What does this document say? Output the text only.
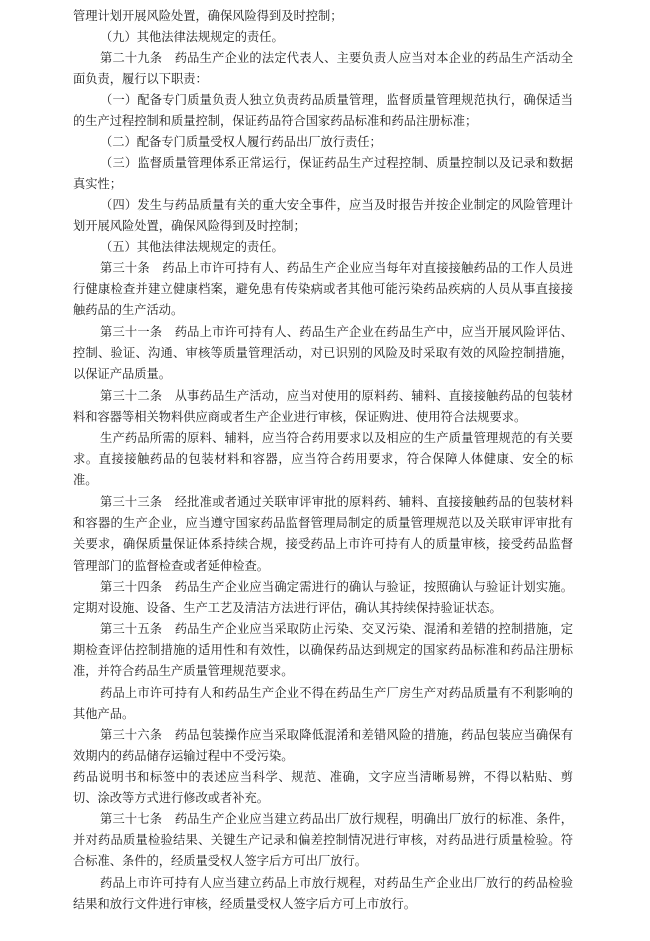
管理计划开展风险处置，确保风险得到及时控制；
（九）其他法律法规规定的责任。
第二十九条　药品生产企业的法定代表人、主要负责人应当对本企业的药品生产活动全面负责，履行以下职责：
（一）配备专门质量负责人独立负责药品质量管理，监督质量管理规范执行，确保适当的生产过程控制和质量控制，保证药品符合国家药品标准和药品注册标准；
（二）配备专门质量受权人履行药品出厂放行责任；
（三）监督质量管理体系正常运行，保证药品生产过程控制、质量控制以及记录和数据真实性；
（四）发生与药品质量有关的重大安全事件，应当及时报告并按企业制定的风险管理计划开展风险处置，确保风险得到及时控制；
（五）其他法律法规规定的责任。
第三十条　药品上市许可持有人、药品生产企业应当每年对直接接触药品的工作人员进行健康检查并建立健康档案，避免患有传染病或者其他可能污染药品疾病的人员从事直接接触药品的生产活动。
第三十一条　药品上市许可持有人、药品生产企业在药品生产中，应当开展风险评估、控制、验证、沟通、审核等质量管理活动，对已识别的风险及时采取有效的风险控制措施，以保证产品质量。
第三十二条　从事药品生产活动，应当对使用的原料药、辅料、直接接触药品的包装材料和容器等相关物料供应商或者生产企业进行审核，保证购进、使用符合法规要求。
生产药品所需的原料、辅料，应当符合药用要求以及相应的生产质量管理规范的有关要求。直接接触药品的包装材料和容器，应当符合药用要求，符合保障人体健康、安全的标准。
第三十三条　经批准或者通过关联审评审批的原料药、辅料、直接接触药品的包装材料和容器的生产企业，应当遵守国家药品监督管理局制定的质量管理规范以及关联审评审批有关要求，确保质量保证体系持续合规，接受药品上市许可持有人的质量审核，接受药品监督管理部门的监督检查或者延伸检查。
第三十四条　药品生产企业应当确定需进行的确认与验证，按照确认与验证计划实施。定期对设施、设备、生产工艺及清洁方法进行评估，确认其持续保持验证状态。
第三十五条　药品生产企业应当采取防止污染、交叉污染、混淆和差错的控制措施，定期检查评估控制措施的适用性和有效性，以确保药品达到规定的国家药品标准和药品注册标准，并符合药品生产质量管理规范要求。
药品上市许可持有人和药品生产企业不得在药品生产厂房生产对药品质量有不利影响的其他产品。
第三十六条　药品包装操作应当采取降低混淆和差错风险的措施，药品包装应当确保有效期内的药品储存运输过程中不受污染。
药品说明书和标签中的表述应当科学、规范、准确，文字应当清晰易辨，不得以粘贴、剪切、涂改等方式进行修改或者补充。
第三十七条　药品生产企业应当建立药品出厂放行规程，明确出厂放行的标准、条件，并对药品质量检验结果、关键生产记录和偏差控制情况进行审核，对药品进行质量检验。符合标准、条件的，经质量受权人签字后方可出厂放行。
药品上市许可持有人应当建立药品上市放行规程，对药品生产企业出厂放行的药品检验结果和放行文件进行审核，经质量受权人签字后方可上市放行。
